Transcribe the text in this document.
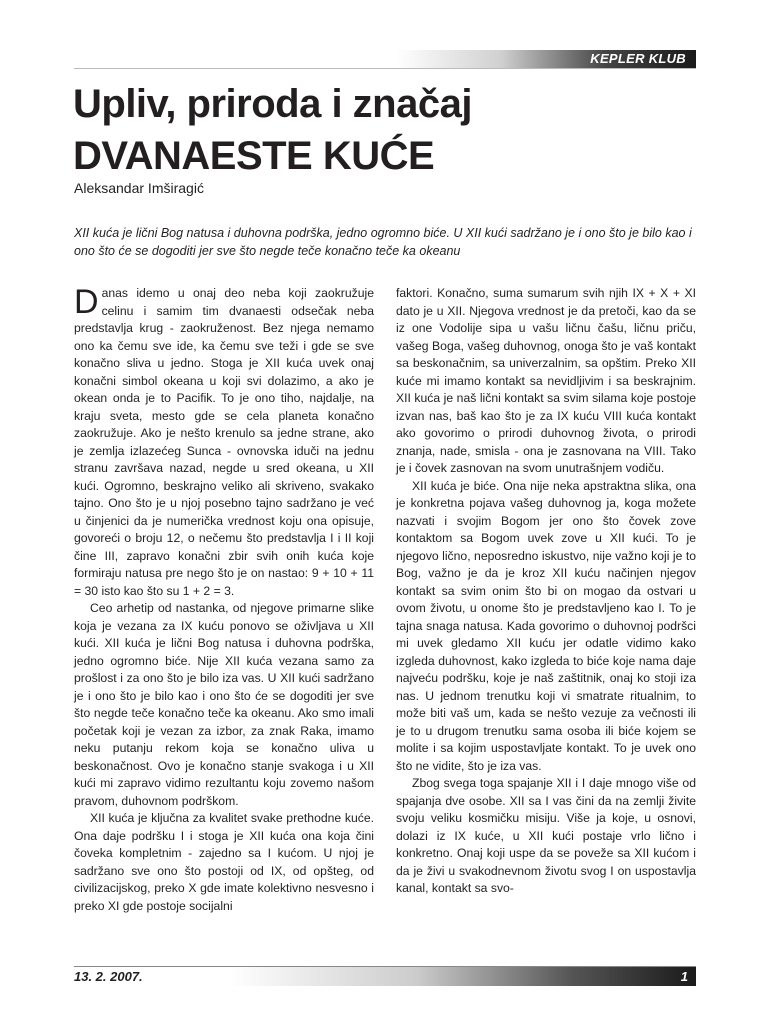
KEPLER KLUB
Upliv, priroda i značaj
DVANAESTE KUĆE
Aleksandar Imširagić
XII kuća je lični Bog natusa i duhovna podrška, jedno ogromno biće. U XII kući sadržano je i ono što je bilo kao i ono što će se dogoditi jer sve što negde teče konačno teče ka okeanu

Danas idemo u onaj deo neba koji zaokružuje celinu i samim tim dvanaesti odsečak neba predstavlja krug - zaokruženost. Bez njega nemamo ono ka čemu sve ide, ka čemu sve teži i gde se sve konačno sliva u jedno. Stoga je XII kuća uvek onaj konačni simbol okeana u koji svi dolazimo, a ako je okean onda je to Pacifik. To je ono tiho, najdalje, na kraju sveta, mesto gde se cela planeta konačno zaokružuje. Ako je nešto krenulo sa jedne strane, ako je zemlja izlazećeg Sunca - ovnovska iduči na jednu stranu završava nazad, negde u sred okeana, u XII kući. Ogromno, beskrajno veliko ali skriveno, svakako tajno. Ono što je u njoj posebno tajno sadržano je već u činjenici da je numerička vrednost koju ona opisuje, govoreći o broju 12, o nečemu što predstavlja I i II koji čine III, zapravo konačni zbir svih onih kuća koje formiraju natusa pre nego što je on nastao: 9 + 10 + 11 = 30 isto kao što su 1 + 2 = 3.

Ceo arhetip od nastanka, od njegove primarne slike koja je vezana za IX kuću ponovo se oživljava u XII kući. XII kuća je lični Bog natusa i duhovna podrška, jedno ogromno biće. Nije XII kuća vezana samo za prošlost i za ono što je bilo iza vas. U XII kući sadržano je i ono što je bilo kao i ono što će se dogoditi jer sve što negde teče konačno teče ka okeanu. Ako smo imali početak koji je vezan za izbor, za znak Raka, imamo neku putanju rekom koja se konačno uliva u beskonačnost. Ovo je konačno stanje svakoga i u XII kući mi zapravo vidimo rezultantu koju zovemo našom pravom, duhovnom podrškom.

XII kuća je ključna za kvalitet svake prethodne kuće. Ona daje podršku I i stoga je XII kuća ona koja čini čoveka kompletnim - zajedno sa I kućom. U njoj je sadržano sve ono što postoji od IX, od opšteg, od civilizacijskog, preko X gde imate kolektivno nesvesno i preko XI gde postoje socijalni

faktori. Konačno, suma sumarum svih njih IX + X + XI dato je u XII. Njegova vrednost je da pretoči, kao da se iz one Vodolije sipa u vašu ličnu čašu, ličnu priču, vašeg Boga, vašeg duhovnog, onoga što je vaš kontakt sa beskonačnim, sa univerzalnim, sa opštim. Preko XII kuće mi imamo kontakt sa nevidljivim i sa beskrajnim. XII kuća je naš lični kontakt sa svim silama koje postoje izvan nas, baš kao što je za IX kuću VIII kuća kontakt ako govorimo o prirodi duhovnog života, o prirodi znanja, nade, smisla - ona je zasnovana na VIII. Tako je i čovek zasnovan na svom unutrašnjem vodiču.

XII kuća je biće. Ona nije neka apstraktna slika, ona je konkretna pojava vašeg duhovnog ja, koga možete nazvati i svojim Bogom jer ono što čovek zove kontaktom sa Bogom uvek zove u XII kući. To je njegovo lično, neposredno iskustvo, nije važno koji je to Bog, važno je da je kroz XII kuću načinjen njegov kontakt sa svim onim što bi on mogao da ostvari u ovom životu, u onome što je predstavljeno kao I. To je tajna snaga natusa. Kada govorimo o duhovnoj podršci mi uvek gledamo XII kuću jer odatle vidimo kako izgleda duhovnost, kako izgleda to biće koje nama daje najveću podršku, koje je naš zaštitnik, onaj ko stoji iza nas. U jednom trenutku koji vi smatrate ritualnim, to može biti vaš um, kada se nešto vezuje za večnosti ili je to u drugom trenutku sama osoba ili biće kojem se molite i sa kojim uspostavljate kontakt. To je uvek ono što ne vidite, što je iza vas.

Zbog svega toga spajanje XII i I daje mnogo više od spajanja dve osobe. XII sa I vas čini da na zemlji živite svoju veliku kosmičku misiju. Više ja koje, u osnovi, dolazi iz IX kuće, u XII kući postaje vrlo lično i konkretno. Onaj koji uspe da se poveže sa XII kućom i da je živi u svakodnevnom životu svog I on uspostavlja kanal, kontakt sa svo-

13. 2. 2007.	1
